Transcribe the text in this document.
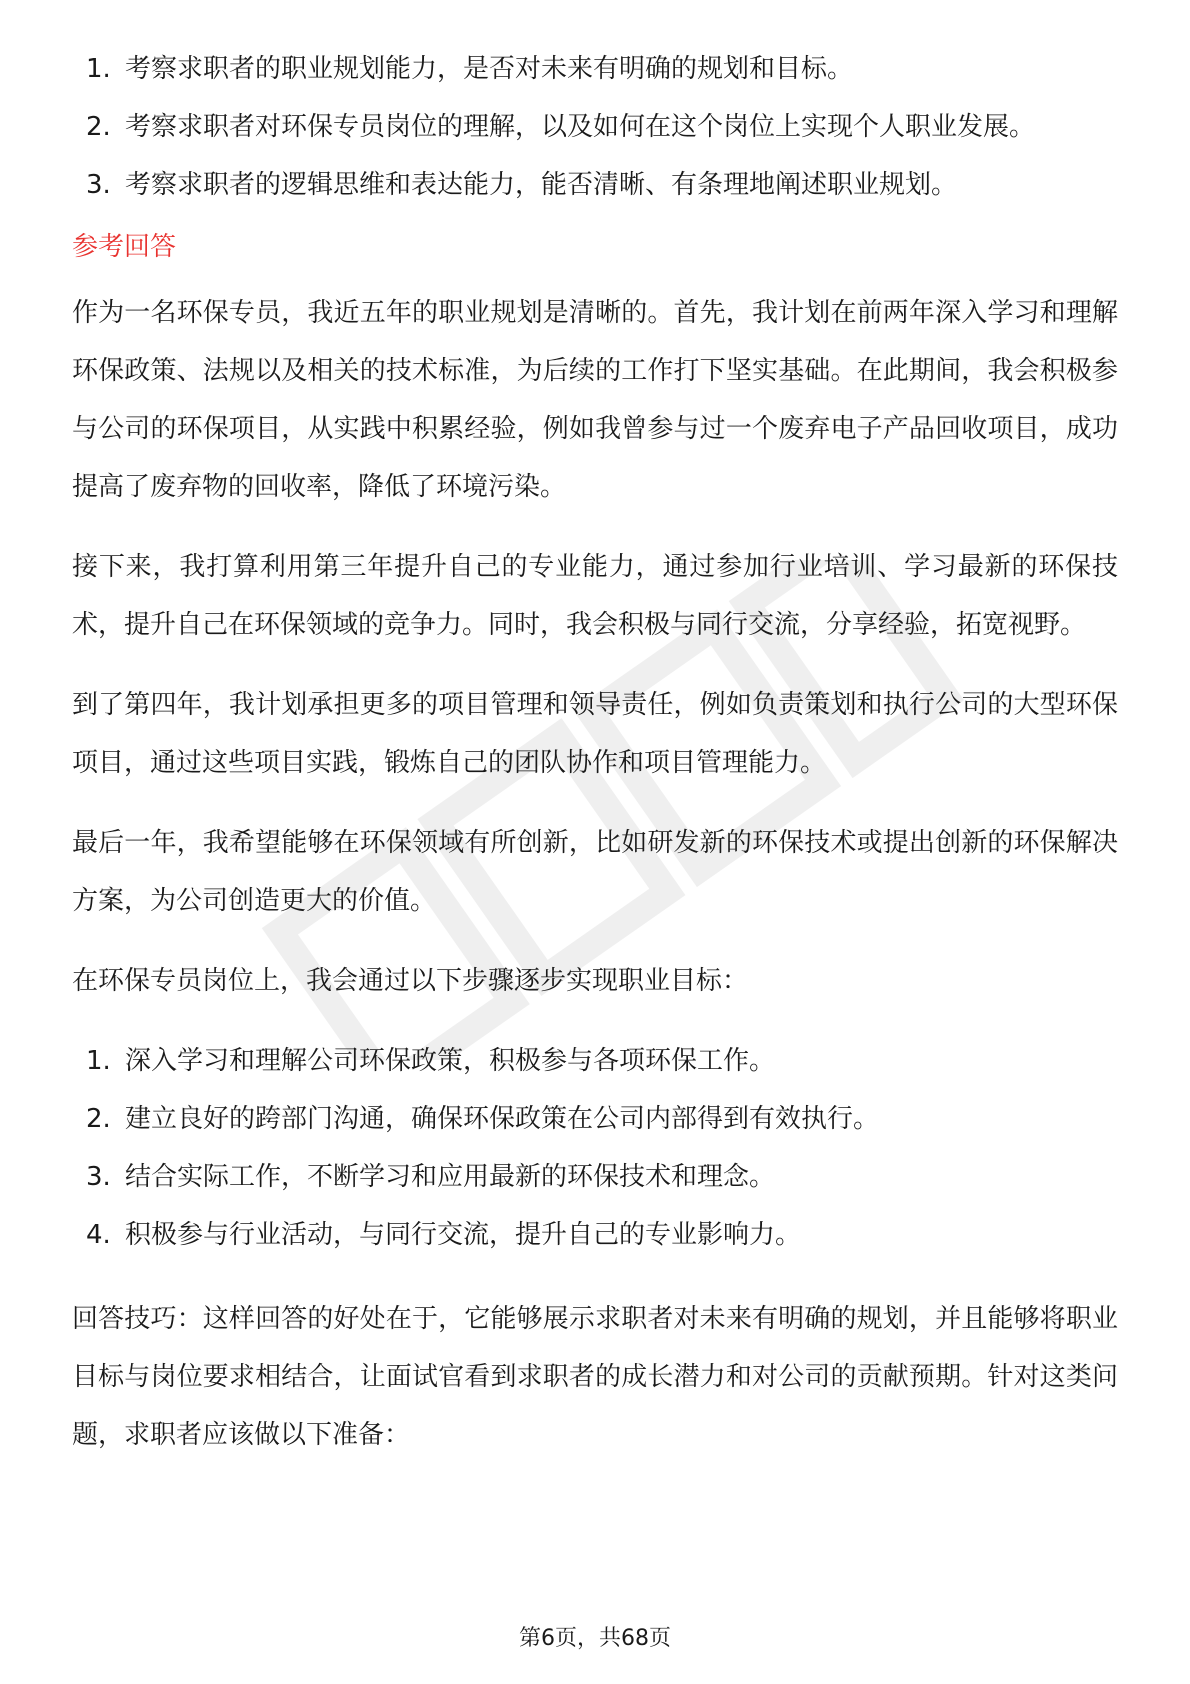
1. 考察求职者的职业规划能力，是否对未来有明确的规划和目标。
2. 考察求职者对环保专员岗位的理解，以及如何在这个岗位上实现个人职业发展。
3. 考察求职者的逻辑思维和表达能力，能否清晰、有条理地阐述职业规划。
参考回答

作为一名环保专员，我近五年的职业规划是清晰的。首先，我计划在前两年深入学习和理解环保政策、法规以及相关的技术标准，为后续的工作打下坚实基础。在此期间，我会积极参与公司的环保项目，从实践中积累经验，例如我曾参与过一个废弃电子产品回收项目，成功提高了废弃物的回收率，降低了环境污染。

接下来，我打算利用第三年提升自己的专业能力，通过参加行业培训、学习最新的环保技术，提升自己在环保领域的竞争力。同时，我会积极与同行交流，分享经验，拓宽视野。

到了第四年，我计划承担更多的项目管理和领导责任，例如负责策划和执行公司的大型环保项目，通过这些项目实践，锻炼自己的团队协作和项目管理能力。

最后一年，我希望能够在环保领域有所创新，比如研发新的环保技术或提出创新的环保解决方案，为公司创造更大的价值。

在环保专员岗位上，我会通过以下步骤逐步实现职业目标：

1. 深入学习和理解公司环保政策，积极参与各项环保工作。
2. 建立良好的跨部门沟通，确保环保政策在公司内部得到有效执行。
3. 结合实际工作，不断学习和应用最新的环保技术和理念。
4. 积极参与行业活动，与同行交流，提升自己的专业影响力。

回答技巧：这样回答的好处在于，它能够展示求职者对未来有明确的规划，并且能够将职业目标与岗位要求相结合，让面试官看到求职者的成长潜力和对公司的贡献预期。针对这类问题，求职者应该做以下准备：

第6页，共68页
